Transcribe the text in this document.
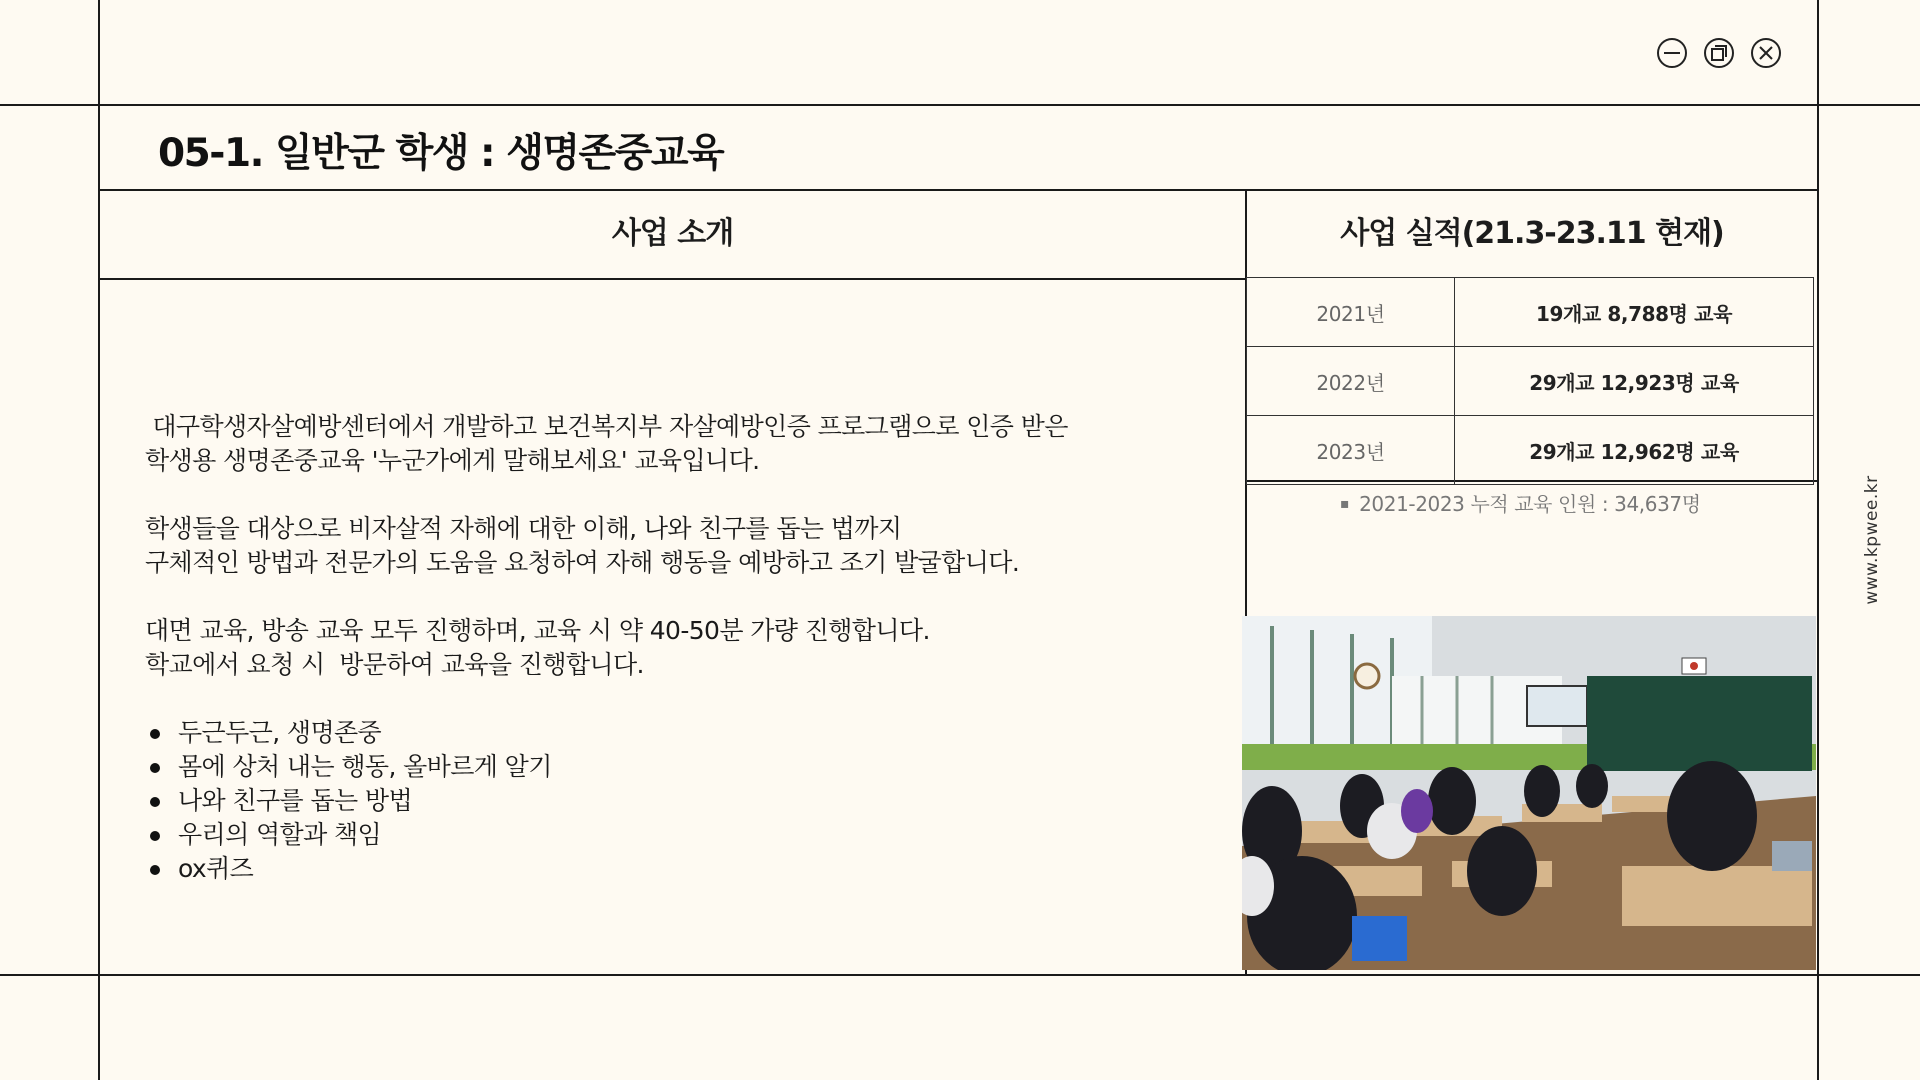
05-1. 일반군 학생 : 생명존중교육
사업 소개	사업 실적(21.3-23.11 현재)

대구학생자살예방센터에서 개발하고 보건복지부 자살예방인증 프로그램으로 인증 받은
학생용 생명존중교육 '누군가에게 말해보세요' 교육입니다.

학생들을 대상으로 비자살적 자해에 대한 이해, 나와 친구를 돕는 법까지
구체적인 방법과 전문가의 도움을 요청하여 자해 행동을 예방하고 조기 발굴합니다.

대면 교육, 방송 교육 모두 진행하며, 교육 시 약 40-50분 가량 진행합니다.
학교에서 요청 시  방문하여 교육을 진행합니다.

두근두근, 생명존중
몸에 상처 내는 행동, 올바르게 알기
나와 친구를 돕는 방법
우리의 역할과 책임
ox퀴즈
2021년	19개교 8,788명 교육
2022년	29개교 12,923명 교육
2023년	29개교 12,962명 교육
▪ 2021-2023 누적 교육 인원 : 34,637명	www.kpwee.kr
